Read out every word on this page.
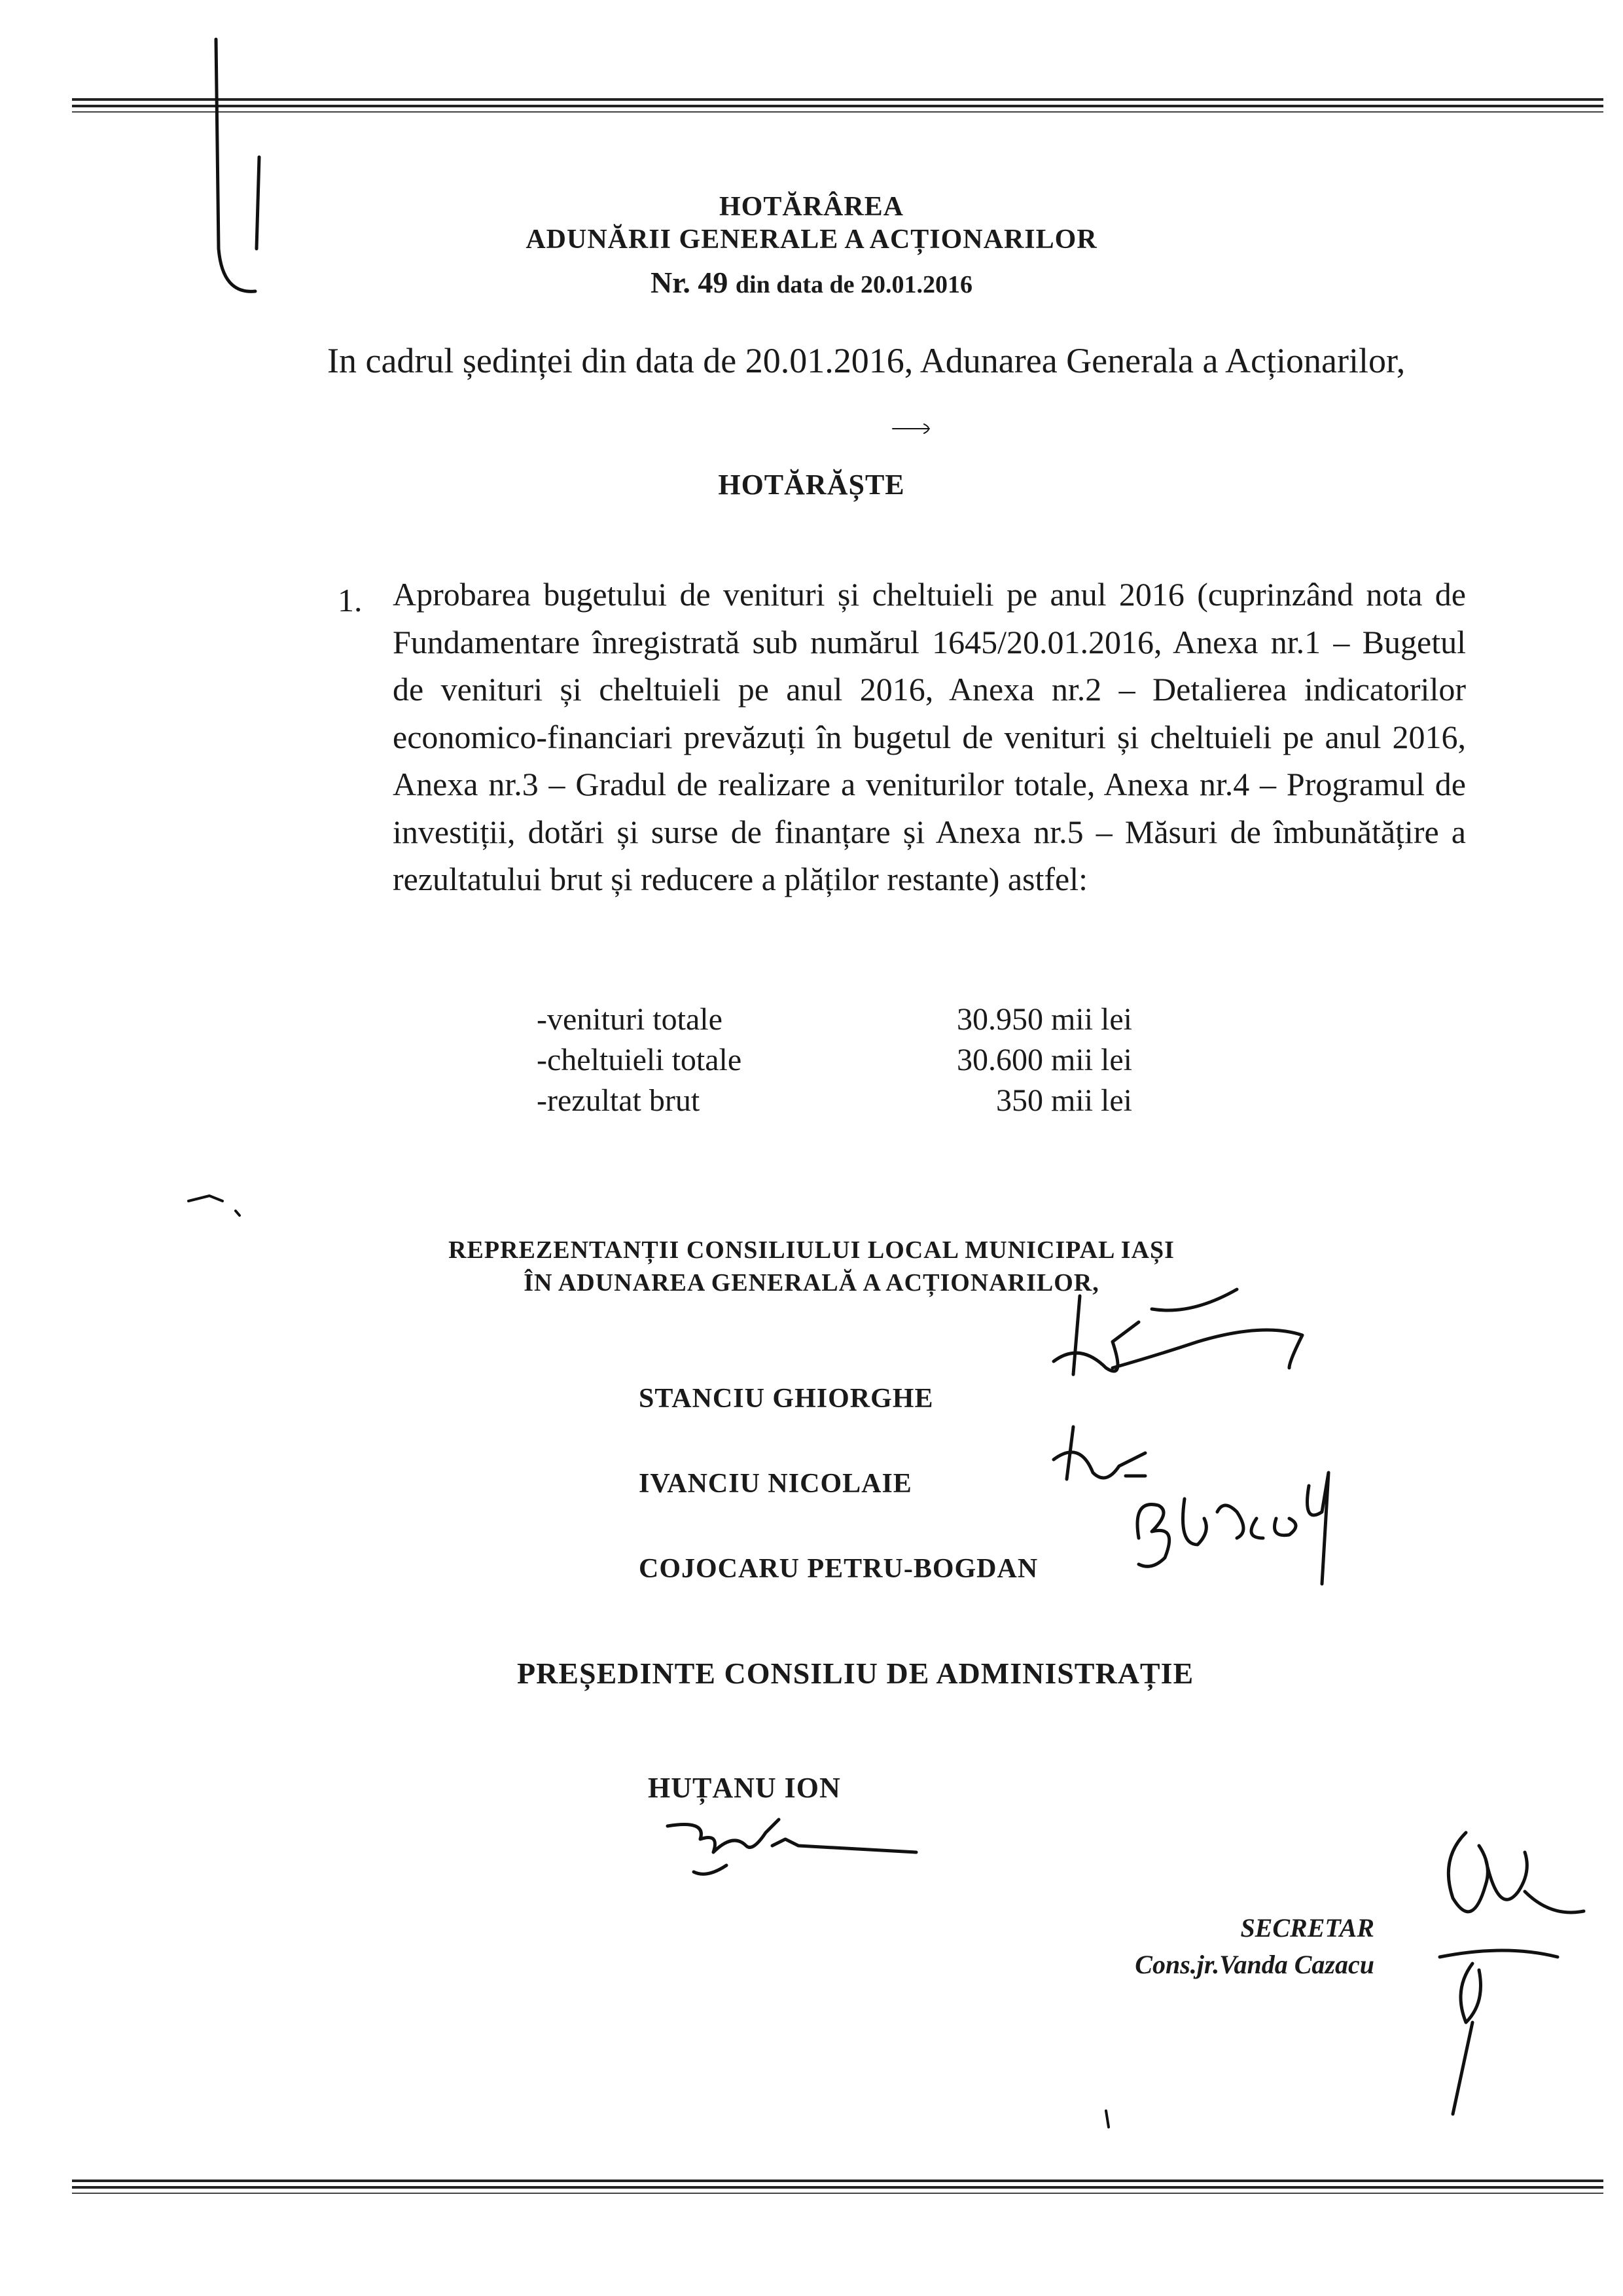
HOTĂRÂREA
ADUNĂRII GENERALE A ACȚIONARILOR
Nr. 49 din data de 20.01.2016
In cadrul ședinței din data de 20.01.2016, Adunarea Generala a Acționarilor,
HOTĂRĂȘTE
1. Aprobarea bugetului de venituri și cheltuieli pe anul 2016 (cuprinzând nota de Fundamentare înregistrată sub numărul 1645/20.01.2016, Anexa nr.1 – Bugetul de venituri și cheltuieli pe anul 2016, Anexa nr.2 – Detalierea indicatorilor economico-financiari prevăzuți în bugetul de venituri și cheltuieli pe anul 2016, Anexa nr.3 – Gradul de realizare a veniturilor totale, Anexa nr.4 – Programul de investiții, dotări și surse de finanțare și Anexa nr.5 – Măsuri de îmbunătățire a rezultatului brut și reducere a plăților restante) astfel:
-venituri totale	30.950 mii lei
-cheltuieli totale	30.600 mii lei
-rezultat brut	350 mii lei
REPREZENTANȚII CONSILIULUI LOCAL MUNICIPAL IAȘI
ÎN ADUNAREA GENERALĂ A ACȚIONARILOR,
STANCIU GHIORGHE
IVANCIU NICOLAIE
COJOCARU PETRU-BOGDAN
PREȘEDINTE CONSILIU DE ADMINISTRAȚIE
HUȚANU ION
SECRETAR
Cons.jr.Vanda Cazacu
